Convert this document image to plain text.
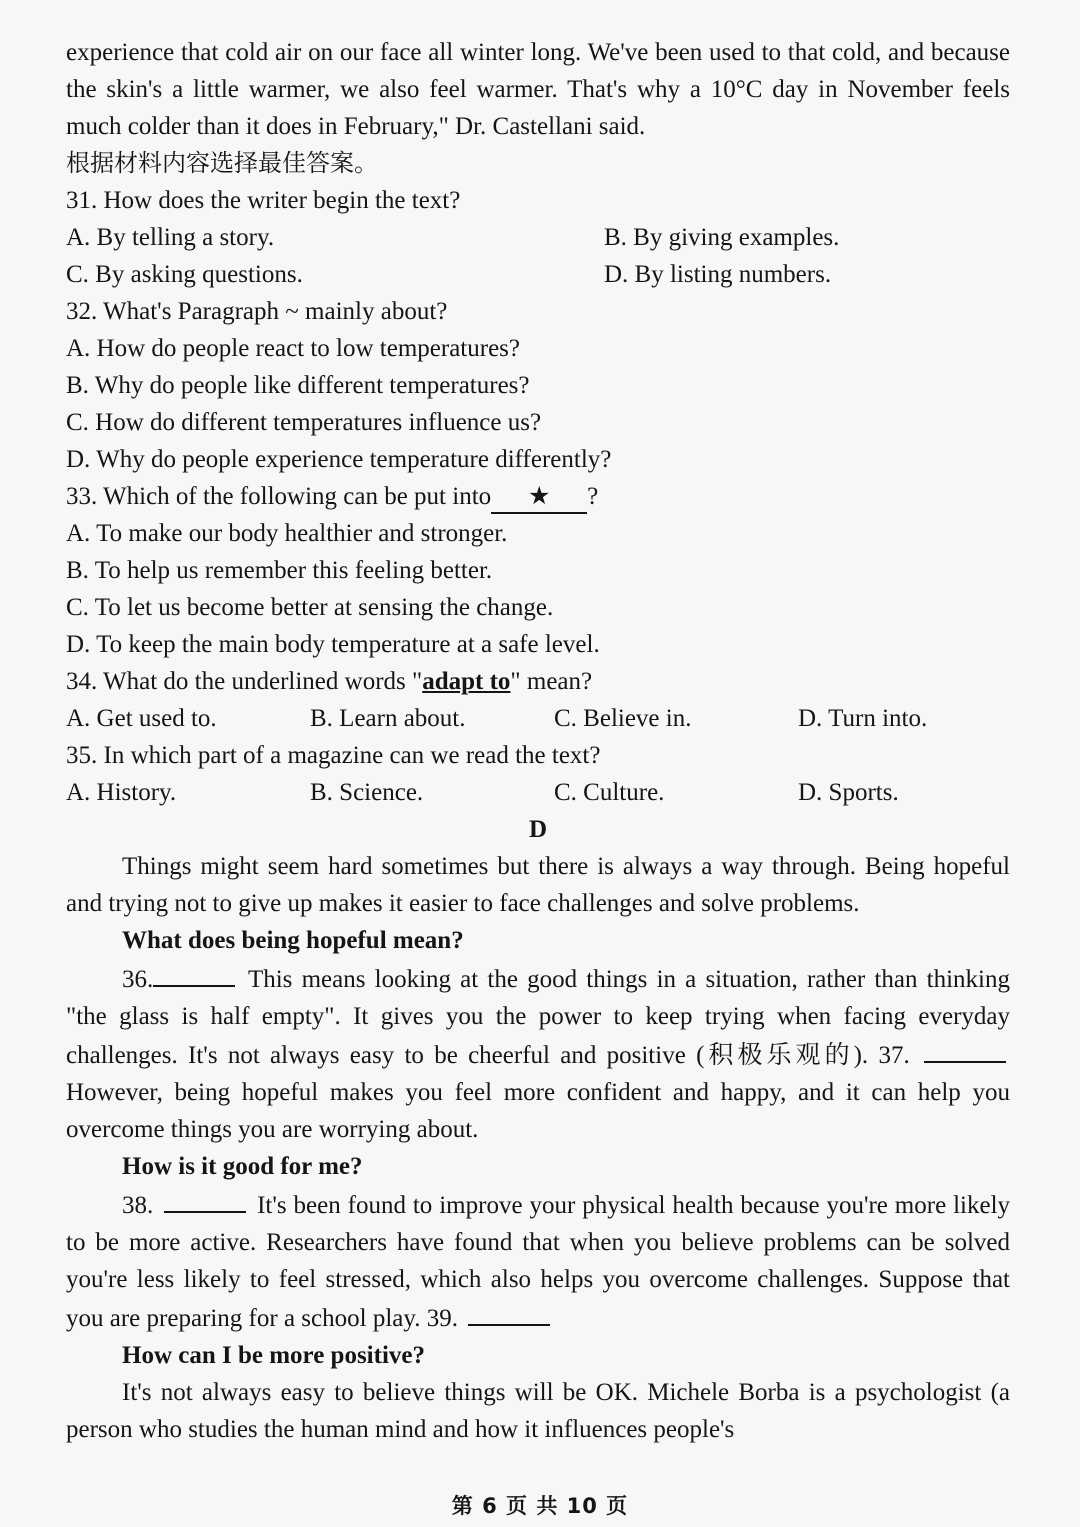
experience that cold air on our face all winter long. We've been used to that cold, and because the skin's a little warmer, we also feel warmer. That's why a 10°C day in November feels much colder than it does in February," Dr. Castellani said.

根据材料内容选择最佳答案。

31. How does the writer begin the text?

A. By telling a story.	B. By giving examples.
C. By asking questions.	D. By listing numbers.

32. What's Paragraph ~ mainly about?

A. How do people react to low temperatures?

B. Why do people like different temperatures?

C. How do different temperatures influence us?

D. Why do people experience temperature differently?

33. Which of the following can be put into ★ ?

A. To make our body healthier and stronger.

B. To help us remember this feeling better.

C. To let us become better at sensing the change.

D. To keep the main body temperature at a safe level.

34. What do the underlined words "adapt to" mean?

A. Get used to.	B. Learn about.	C. Believe in.	D. Turn into.

35. In which part of a magazine can we read the text?

A. History.	B. Science.	C. Culture.	D. Sports.

D

Things might seem hard sometimes but there is always a way through. Being hopeful and trying not to give up makes it easier to face challenges and solve problems.

What does being hopeful mean?

36.	This means looking at the good things in a situation, rather than thinking "the glass is half empty". It gives you the power to keep trying when facing everyday challenges. It's not always easy to be cheerful and positive (积极乐观的). 37.  However, being hopeful makes you feel more confident and happy, and it can help you overcome things you are worrying about.

How is it good for me?

38.	It's been found to improve your physical health because you're more likely to be more active. Researchers have found that when you believe problems can be solved you're less likely to feel stressed, which also helps you overcome challenges. Suppose that you are preparing for a school play. 39.

How can I be more positive?

It's not always easy to believe things will be OK. Michele Borba is a psychologist (a person who studies the human mind and how it influences people's

第 6 页 共 10 页
